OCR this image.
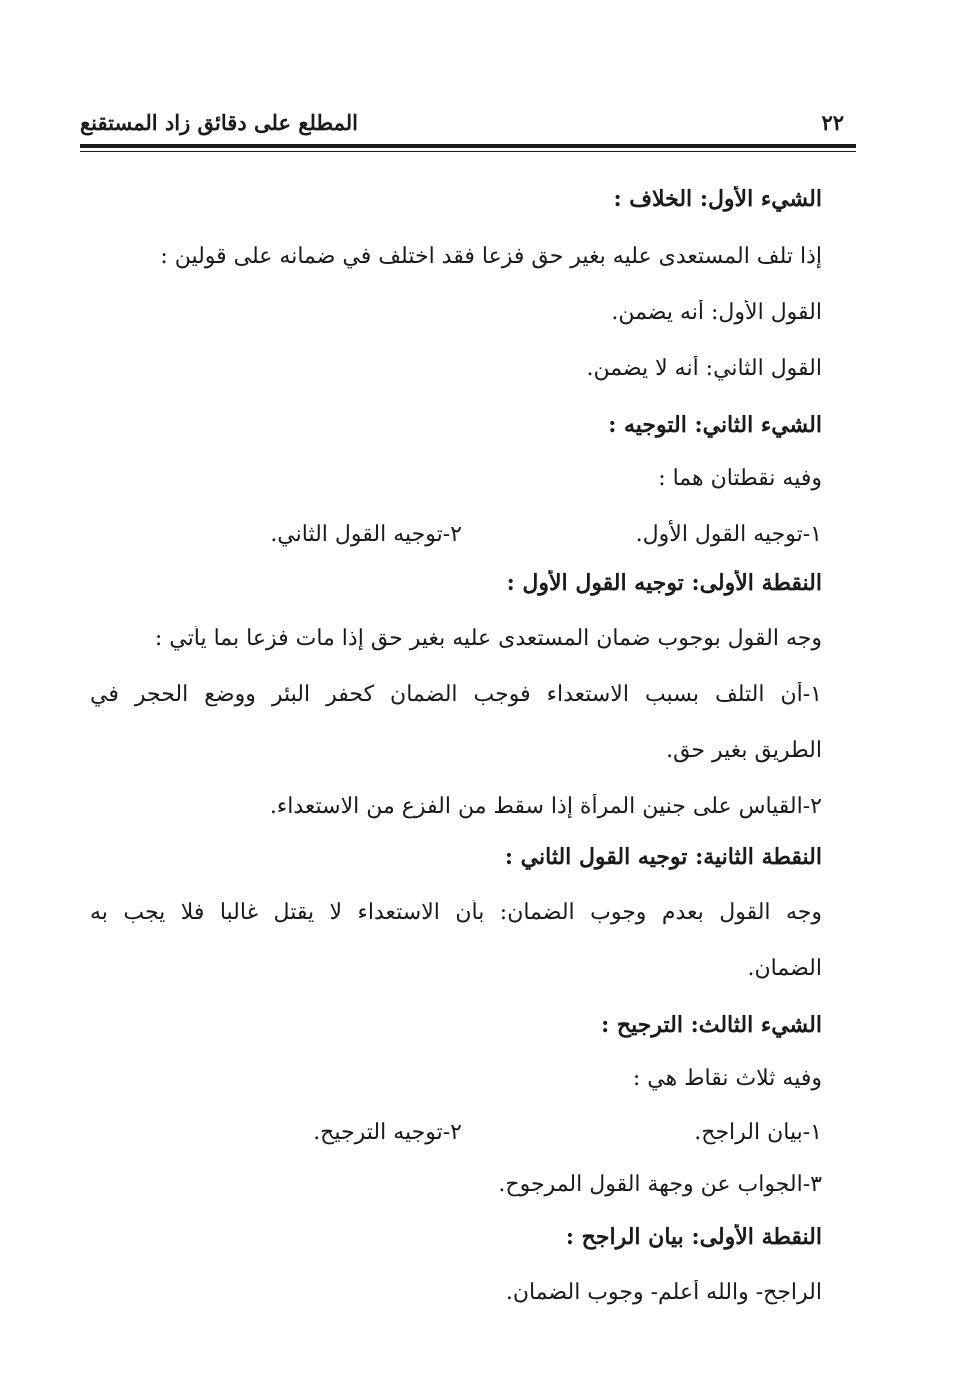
المطلع على دقائق زاد المستقنع	٢٢
الشيء الأول: الخلاف :
إذا تلف المستعدى عليه بغير حق فزعا فقد اختلف في ضمانه على قولين :
القول الأول: أنه يضمن.
القول الثاني: أنه لا يضمن.
الشيء الثاني: التوجيه :
وفيه نقطتان هما :
١-توجيه القول الأول.
٢-توجيه القول الثاني.
النقطة الأولى: توجيه القول الأول :
وجه القول بوجوب ضمان المستعدى عليه بغير حق إذا مات فزعا بما يأتي :
١-أن التلف بسبب الاستعداء فوجب الضمان كحفر البئر ووضع الحجر في
الطريق بغير حق.
٢-القياس على جنين المرأة إذا سقط من الفزع من الاستعداء.
النقطة الثانية: توجيه القول الثاني :
وجه القول بعدم وجوب الضمان: بأن الاستعداء لا يقتل غالبا فلا يجب به
الضمان.
الشيء الثالث: الترجيح :
وفيه ثلاث نقاط هي :
١-بيان الراجح.
٢-توجيه الترجيح.
٣-الجواب عن وجهة القول المرجوح.
النقطة الأولى: بيان الراجح :
الراجح- والله أعلم- وجوب الضمان.
